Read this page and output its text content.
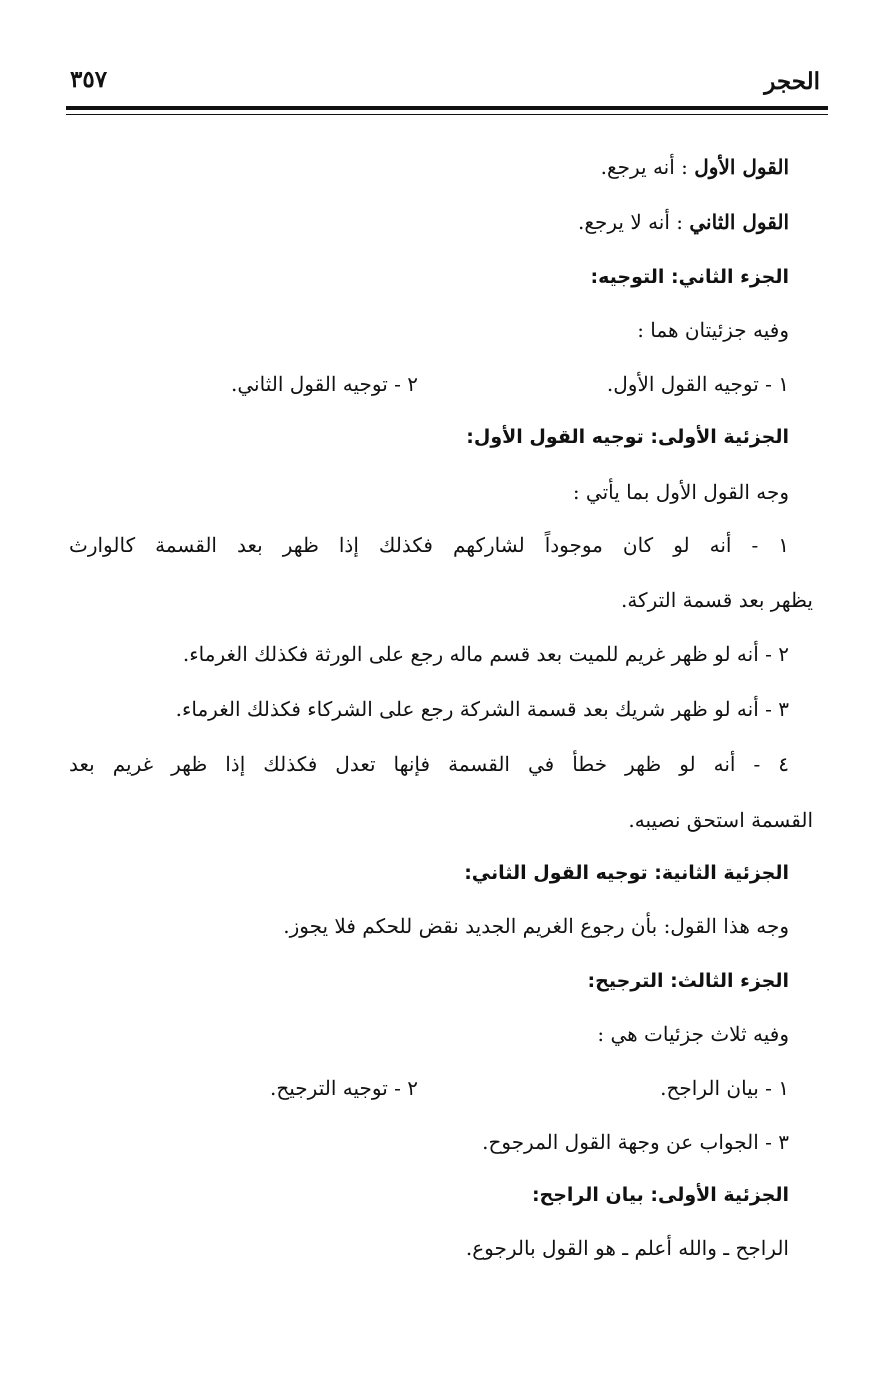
الحجر
٣٥٧
القول الأول : أنه يرجع.
القول الثاني : أنه لا يرجع.
الجزء الثاني: التوجيه:
وفيه جزئيتان هما :
١ - توجيه القول الأول.
٢ - توجيه القول الثاني.
الجزئية الأولى: توجيه القول الأول:
وجه القول الأول بما يأتي :
١ - أنه لو كان موجوداً لشاركهم فكذلك إذا ظهر بعد القسمة كالوارث
يظهر بعد قسمة التركة.
٢ - أنه لو ظهر غريم للميت بعد قسم ماله رجع على الورثة فكذلك الغرماء.
٣ - أنه لو ظهر شريك بعد قسمة الشركة رجع على الشركاء فكذلك الغرماء.
٤ - أنه لو ظهر خطأ في القسمة فإنها تعدل فكذلك إذا ظهر غريم بعد
القسمة استحق نصيبه.
الجزئية الثانية: توجيه القول الثاني:
وجه هذا القول: بأن رجوع الغريم الجديد نقض للحكم فلا يجوز.
الجزء الثالث: الترجيح:
وفيه ثلاث جزئيات هي :
١ - بيان الراجح.
٢ - توجيه الترجيح.
٣ - الجواب عن وجهة القول المرجوح.
الجزئية الأولى: بيان الراجح:
الراجح ـ والله أعلم ـ هو القول بالرجوع.
